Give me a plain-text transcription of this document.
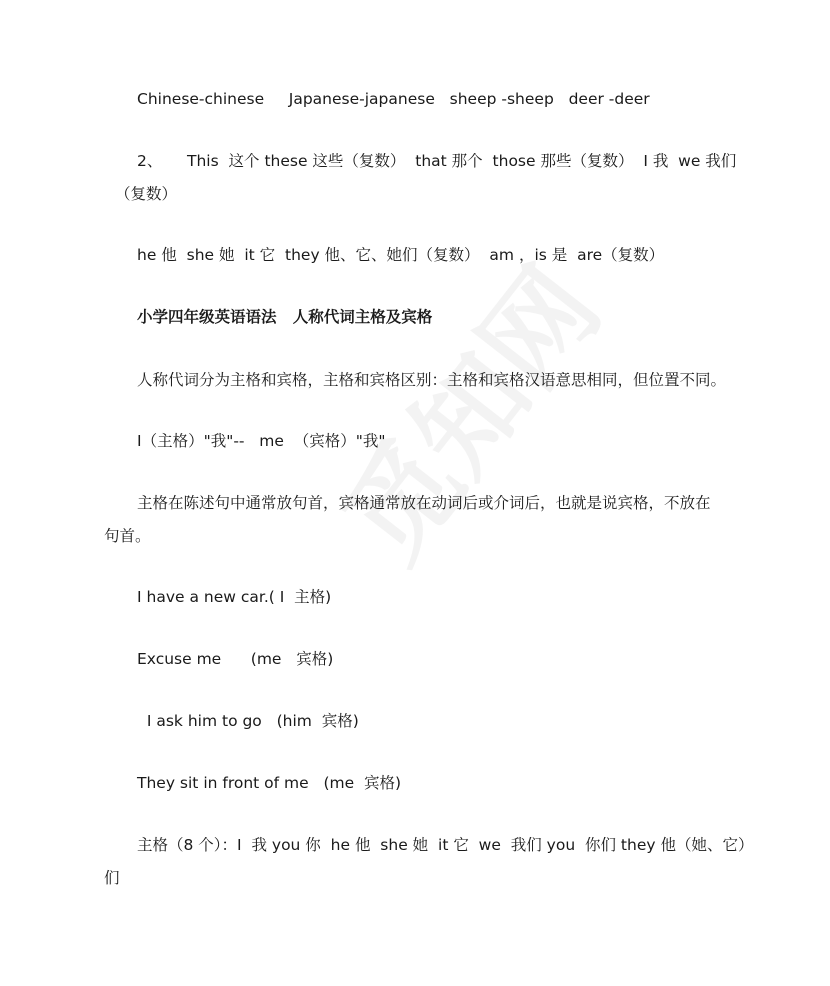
Chinese-chinese     Japanese-japanese   sheep -sheep   deer -deer
2、     This  这个 these 这些（复数）  that 那个  those 那些（复数）  I 我  we 我们
（复数）
he 他  she 她  it 它  they 他、它、她们（复数）  am ，is 是  are（复数）
小学四年级英语语法   人称代词主格及宾格
人称代词分为主格和宾格，主格和宾格区别：主格和宾格汉语意思相同，但位置不同。
I（主格）"我"--   me  （宾格）"我"
主格在陈述句中通常放句首，宾格通常放在动词后或介词后，也就是说宾格，不放在
句首。
I have a new car.( I  主格)
Excuse me      (me   宾格)
I ask him to go   (him  宾格)
They sit in front of me   (me  宾格)
主格（8 个）：I  我 you 你  he 他  she 她  it 它  we  我们 you  你们 they 他（她、它）
们
